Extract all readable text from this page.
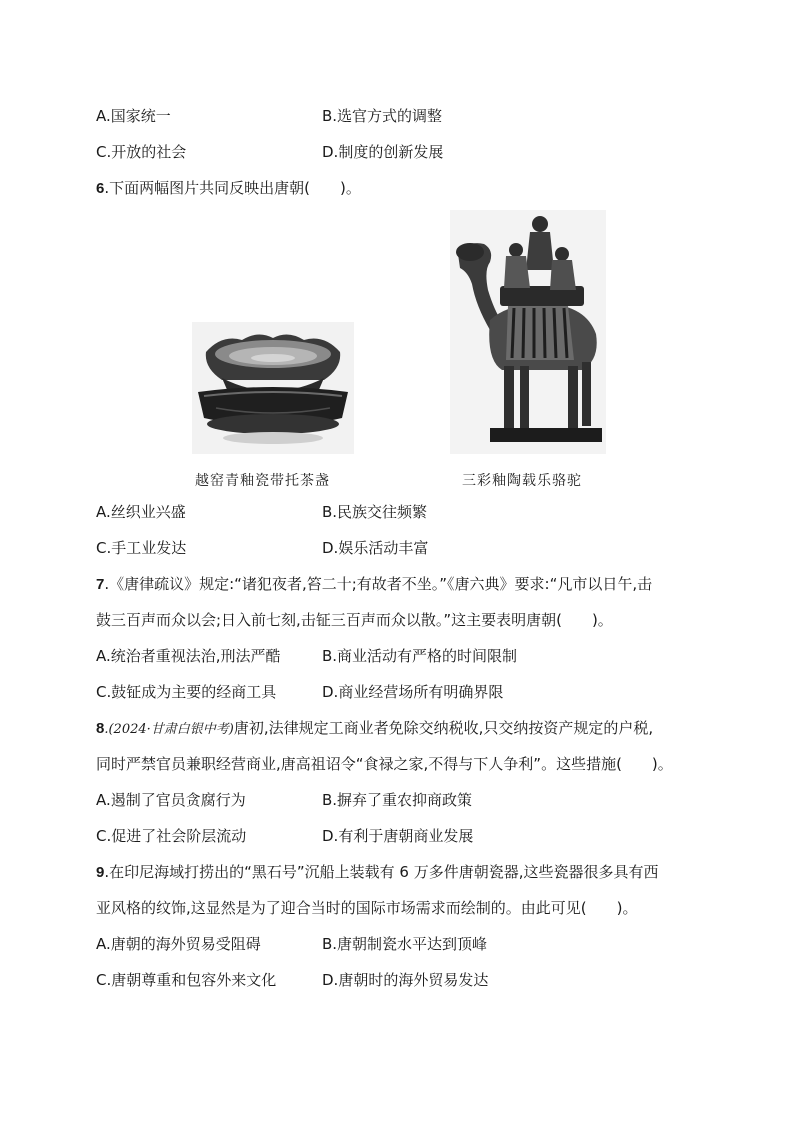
A.国家统一	B.选官方式的调整
C.开放的社会	D.制度的创新发展
6.下面两幅图片共同反映出唐朝(　　)。
越窑青釉瓷带托茶盏	三彩釉陶载乐骆驼
A.丝织业兴盛	B.民族交往频繁
C.手工业发达	D.娱乐活动丰富
7.《唐律疏议》规定:“诸犯夜者,笞二十;有故者不坐。”《唐六典》要求:“凡市以日午,击
鼓三百声而众以会;日入前七刻,击钲三百声而众以散。”这主要表明唐朝(　　)。
A.统治者重视法治,刑法严酷	B.商业活动有严格的时间限制
C.鼓钲成为主要的经商工具	D.商业经营场所有明确界限
8.(2024·甘肃白银中考)唐初,法律规定工商业者免除交纳税收,只交纳按资产规定的户税,
同时严禁官员兼职经营商业,唐高祖诏令“食禄之家,不得与下人争利”。这些措施(　　)。
A.遏制了官员贪腐行为	B.摒弃了重农抑商政策
C.促进了社会阶层流动	D.有利于唐朝商业发展
9.在印尼海域打捞出的“黑石号”沉船上装载有 6 万多件唐朝瓷器,这些瓷器很多具有西
亚风格的纹饰,这显然是为了迎合当时的国际市场需求而绘制的。由此可见(　　)。
A.唐朝的海外贸易受阻碍	B.唐朝制瓷水平达到顶峰
C.唐朝尊重和包容外来文化	D.唐朝时的海外贸易发达
